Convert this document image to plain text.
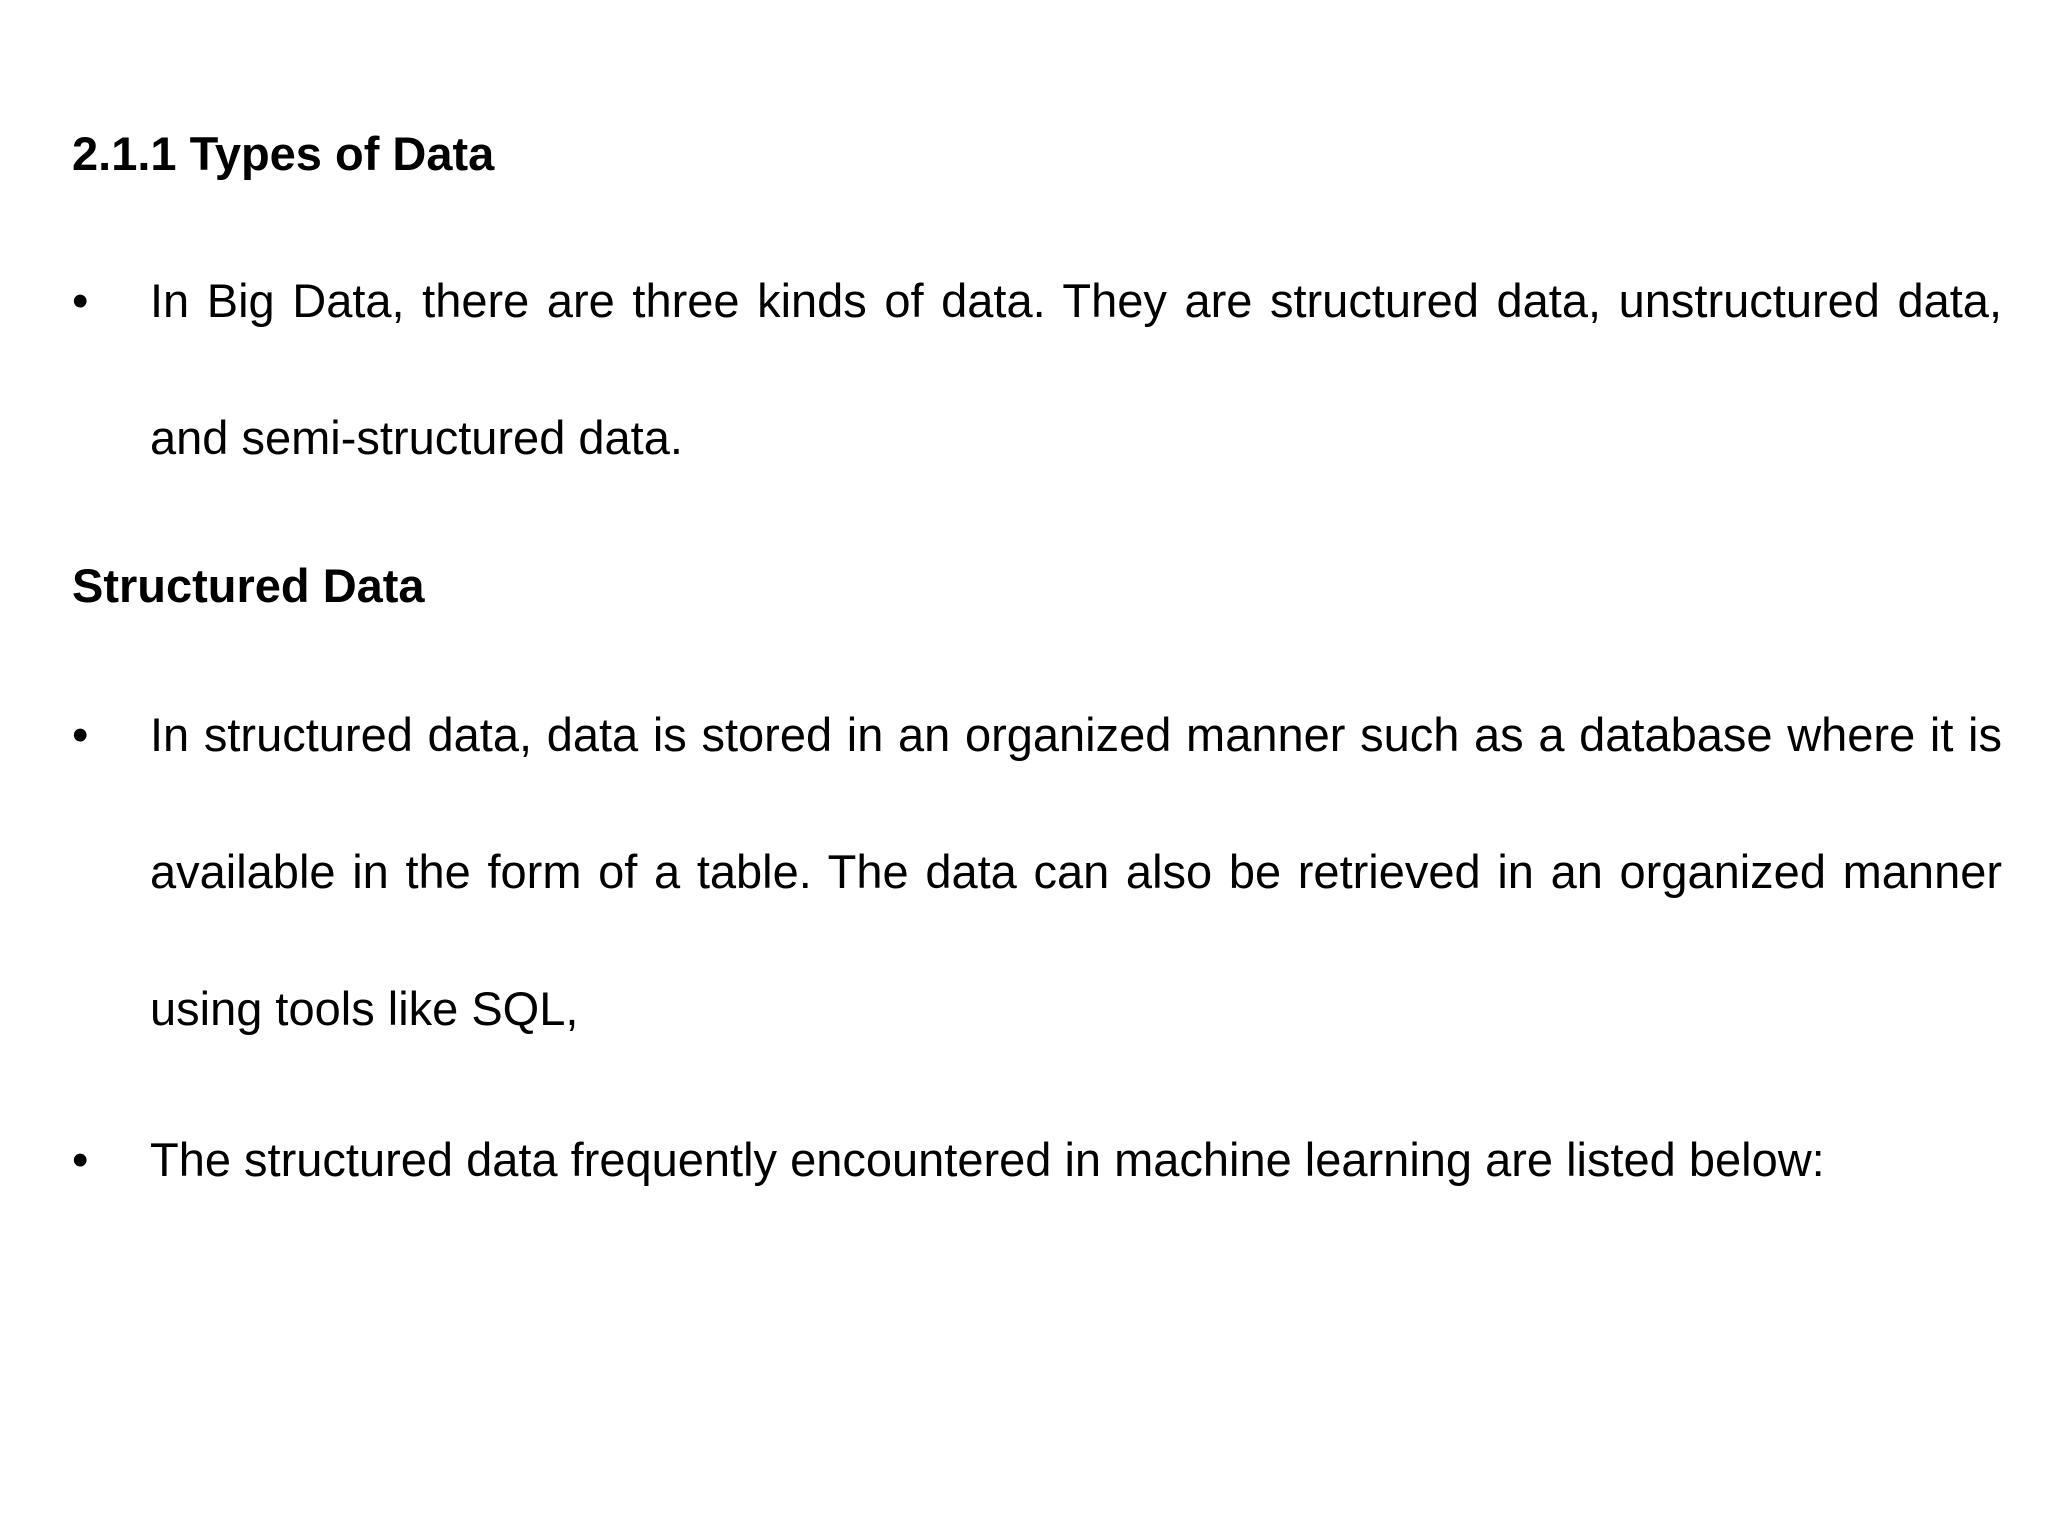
2.1.1 Types of Data
•	In Big Data, there are three kinds of data. They are structured data, unstructured data, and semi-structured data.

Structured Data
•	In structured data, data is stored in an organized manner such as a database where it is available in the form of a table. The data can also be retrieved in an organized manner using tools like SQL,

•	The structured data frequently encountered in machine learning are listed below:
